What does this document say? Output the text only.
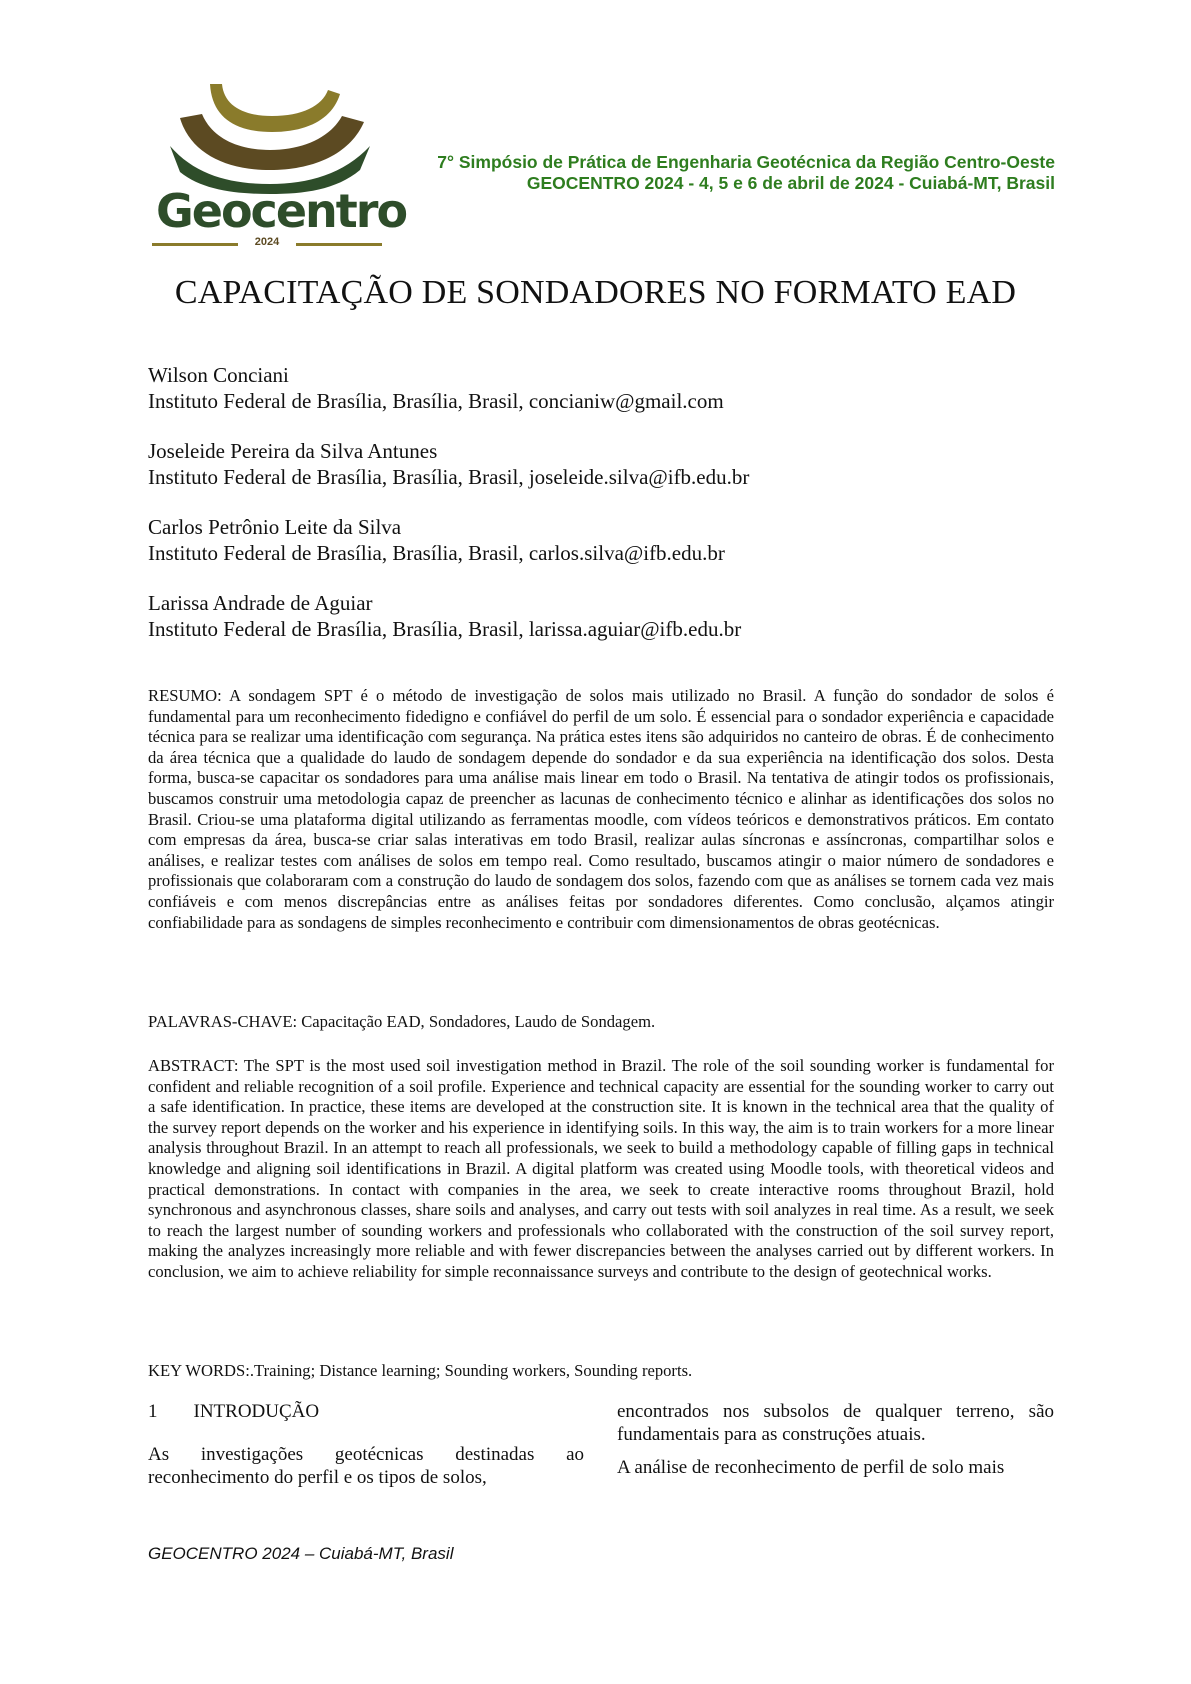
Geocentro
2024
7° Simpósio de Prática de Engenharia Geotécnica da Região Centro-Oeste
GEOCENTRO 2024 - 4, 5 e 6 de abril de 2024 - Cuiabá-MT, Brasil
CAPACITAÇÃO DE SONDADORES NO FORMATO EAD
Wilson Conciani
Instituto Federal de Brasília, Brasília, Brasil, concianiw@gmail.com
Joseleide Pereira da Silva Antunes
Instituto Federal de Brasília, Brasília, Brasil, joseleide.silva@ifb.edu.br
Carlos Petrônio Leite da Silva
Instituto Federal de Brasília, Brasília, Brasil, carlos.silva@ifb.edu.br
Larissa Andrade de Aguiar
Instituto Federal de Brasília, Brasília, Brasil, larissa.aguiar@ifb.edu.br

RESUMO: A sondagem SPT é o método de investigação de solos mais utilizado no Brasil. A função do sondador de solos é fundamental para um reconhecimento fidedigno e confiável do perfil de um solo. É essencial para o sondador experiência e capacidade técnica para se realizar uma identificação com segurança. Na prática estes itens são adquiridos no canteiro de obras. É de conhecimento da área técnica que a qualidade do laudo de sondagem depende do sondador e da sua experiência na identificação dos solos. Desta forma, busca-se capacitar os sondadores para uma análise mais linear em todo o Brasil. Na tentativa de atingir todos os profissionais, buscamos construir uma metodologia capaz de preencher as lacunas de conhecimento técnico e alinhar as identificações dos solos no Brasil. Criou-se uma plataforma digital utilizando as ferramentas moodle, com vídeos teóricos e demonstrativos práticos. Em contato com empresas da área, busca-se criar salas interativas em todo Brasil, realizar aulas síncronas e assíncronas, compartilhar solos e análises, e realizar testes com análises de solos em tempo real. Como resultado, buscamos atingir o maior número de sondadores e profissionais que colaboraram com a construção do laudo de sondagem dos solos, fazendo com que as análises se tornem cada vez mais confiáveis e com menos discrepâncias entre as análises feitas por sondadores diferentes. Como conclusão, alçamos atingir confiabilidade para as sondagens de simples reconhecimento e contribuir com dimensionamentos de obras geotécnicas.

PALAVRAS-CHAVE: Capacitação EAD, Sondadores, Laudo de Sondagem.

ABSTRACT: The SPT is the most used soil investigation method in Brazil. The role of the soil sounding worker is fundamental for confident and reliable recognition of a soil profile. Experience and technical capacity are essential for the sounding worker to carry out a safe identification. In practice, these items are developed at the construction site. It is known in the technical area that the quality of the survey report depends on the worker and his experience in identifying soils. In this way, the aim is to train workers for a more linear analysis throughout Brazil. In an attempt to reach all professionals, we seek to build a methodology capable of filling gaps in technical knowledge and aligning soil identifications in Brazil. A digital platform was created using Moodle tools, with theoretical videos and practical demonstrations. In contact with companies in the area, we seek to create interactive rooms throughout Brazil, hold synchronous and asynchronous classes, share soils and analyses, and carry out tests with soil analyzes in real time. As a result, we seek to reach the largest number of sounding workers and professionals who collaborated with the construction of the soil survey report, making the analyzes increasingly more reliable and with fewer discrepancies between the analyses carried out by different workers. In conclusion, we aim to achieve reliability for simple reconnaissance surveys and contribute to the design of geotechnical works.

KEY WORDS:.Training; Distance learning; Sounding workers, Sounding reports.

1 INTRODUÇÃO

As investigações geotécnicas destinadas ao reconhecimento do perfil e os tipos de solos,

encontrados nos subsolos de qualquer terreno, são fundamentais para as construções atuais.

A análise de reconhecimento de perfil de solo mais

GEOCENTRO 2024 – Cuiabá-MT, Brasil
